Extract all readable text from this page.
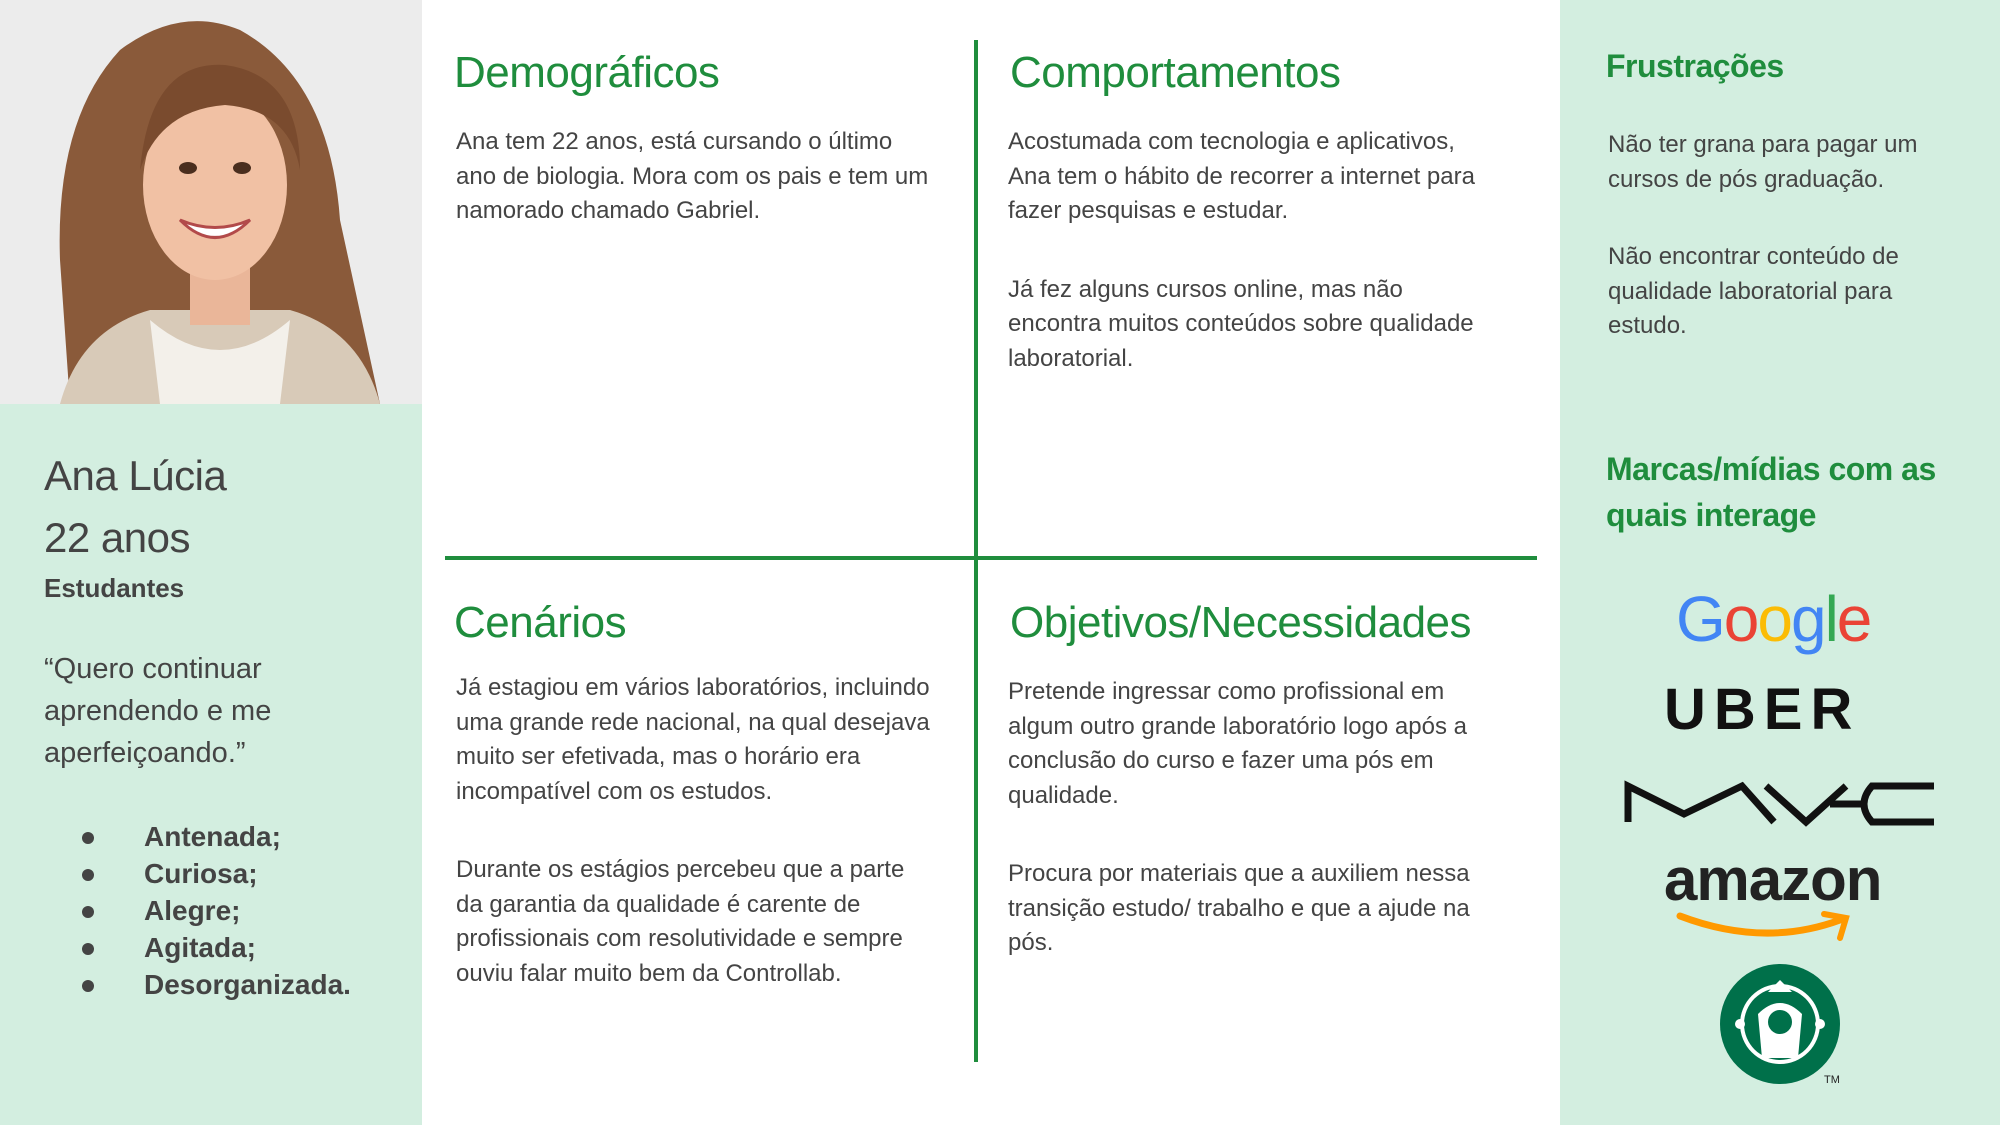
Ana Lúcia
22 anos
Estudantes
“Quero continuar aprendendo e me aperfeiçoando.”
Antenada;
Curiosa;
Alegre;
Agitada;
Desorganizada.
Demográficos

Ana tem 22 anos, está cursando o último ano de biologia. Mora com os pais e tem um namorado chamado Gabriel.

Comportamentos

Acostumada com tecnologia e aplicativos, Ana tem o hábito de recorrer a internet para fazer pesquisas e estudar.

Já fez alguns cursos online, mas não encontra muitos conteúdos sobre qualidade laboratorial.

Cenários

Já estagiou em vários laboratórios, incluindo uma grande rede nacional, na qual desejava muito ser efetivada, mas o horário era incompatível com os estudos.

Durante os estágios percebeu que a parte da garantia da qualidade é carente de profissionais com resolutividade e sempre ouviu falar muito bem da Controllab.

Objetivos/Necessidades

Pretende ingressar como profissional em algum outro grande laboratório logo após a conclusão do curso e fazer uma pós em qualidade.

Procura por materiais que a auxiliem nessa transição estudo/ trabalho e que a ajude na pós.

Frustrações
Não ter grana para pagar um cursos de pós graduação.
Não encontrar conteúdo de qualidade laboratorial para estudo.
Marcas/mídias com as quais interage
Google
UBER
amazon
TM
